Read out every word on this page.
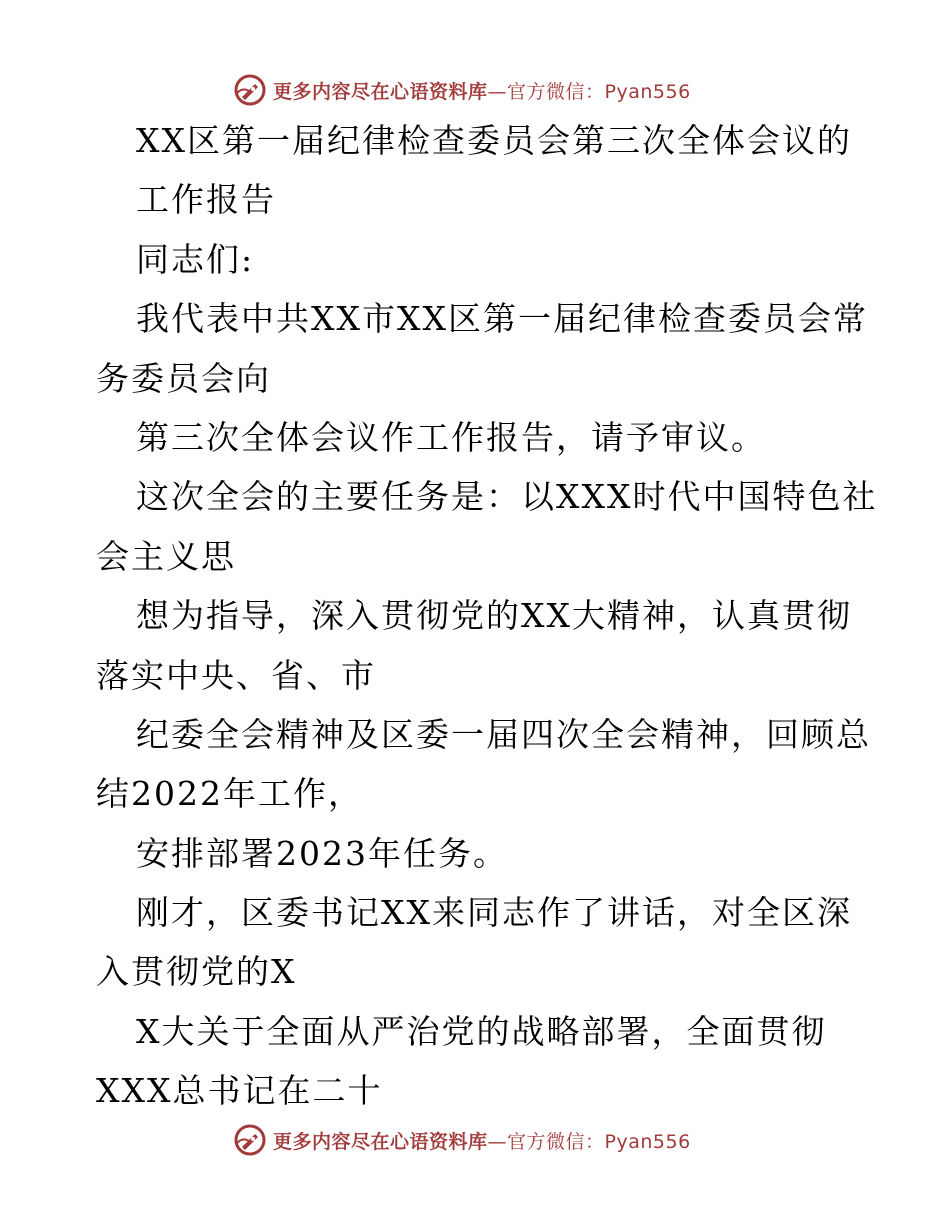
更多内容尽在心语资料库—官方微信：Pyan556
XX区第一届纪律检查委员会第三次全体会议的
工作报告
同志们:
我代表中共XX市XX区第一届纪律检查委员会常
务委员会向
第三次全体会议作工作报告，请予审议。
这次全会的主要任务是：以XXX时代中国特色社
会主义思
想为指导，深入贯彻党的XX大精神，认真贯彻
落实中央、省、市
纪委全会精神及区委一届四次全会精神，回顾总
结2022年工作，
安排部署2023年任务。
刚才，区委书记XX来同志作了讲话，对全区深
入贯彻党的X
X大关于全面从严治党的战略部署，全面贯彻
XXX总书记在二十
更多内容尽在心语资料库—官方微信：Pyan556
